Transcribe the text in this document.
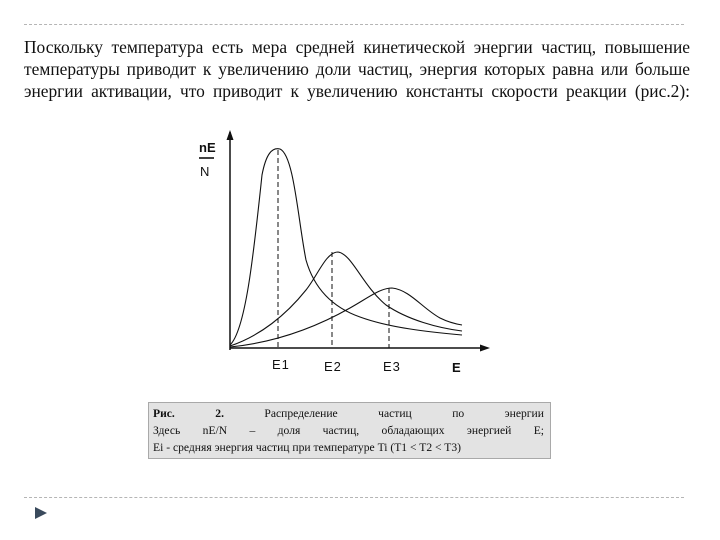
Поскольку температура есть мера средней кинетической энергии частиц, повышение
температуры приводит к увеличению доли частиц, энергия которых равна или больше
энергии активации, что приводит к увеличению константы скорости реакции (рис.2):
nE
N
E1	E2	E3	E
Рис.	2.	Распределение	частиц	по	энергии
Здесь nE/N – доля частиц, обладающих энергией E;
Ei - средняя энергия частиц при температуре Ti (T1 < T2 < T3)
